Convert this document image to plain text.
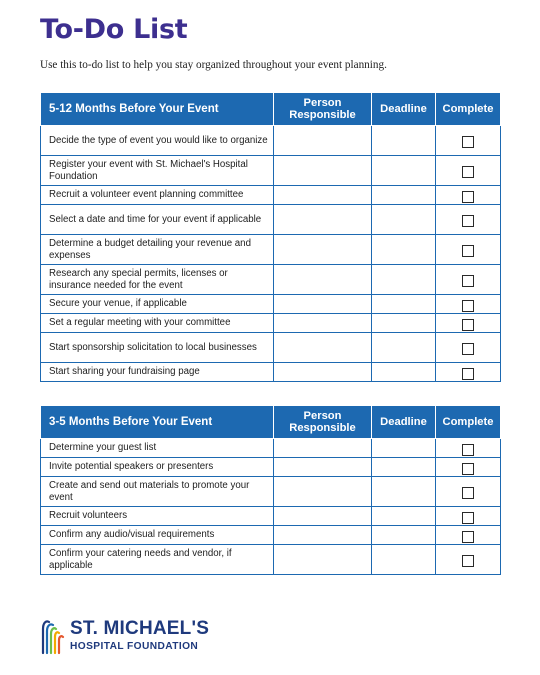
To-Do List
Use this to-do list to help you stay organized throughout your event planning.
5-12 Months Before Your Event	Person Responsible	Deadline	Complete
Decide the type of event you would like to organize			
Register your event with St. Michael's Hospital Foundation			
Recruit a volunteer event planning committee			
Select a date and time for your event if applicable			
Determine a budget detailing your revenue and expenses			
Research any special permits, licenses or insurance needed for the event			
Secure your venue, if applicable			
Set a regular meeting with your committee			
Start sponsorship solicitation to local businesses			
Start sharing your fundraising page			
3-5 Months Before Your Event	Person Responsible	Deadline	Complete
Determine your guest list			
Invite potential speakers or presenters			
Create and send out materials to promote your event			
Recruit volunteers			
Confirm any audio/visual requirements			
Confirm your catering needs and vendor, if applicable			
ST. MICHAEL'S
HOSPITAL FOUNDATION
